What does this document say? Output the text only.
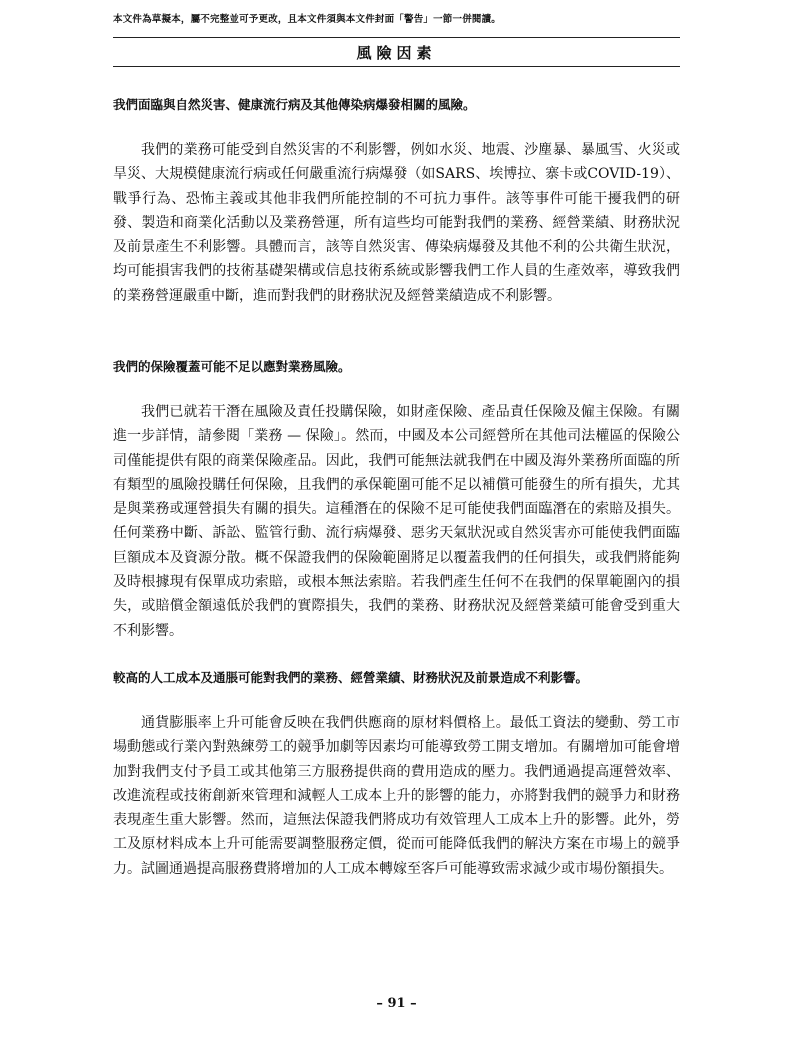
本文件為草擬本，屬不完整並可予更改，且本文件須與本文件封面「警告」一節一併閱讀。
風險因素
我們面臨與自然災害、健康流行病及其他傳染病爆發相關的風險。

我們的業務可能受到自然災害的不利影響，例如水災、地震、沙塵暴、暴風雪、火災或旱災、大規模健康流行病或任何嚴重流行病爆發（如SARS、埃博拉、寨卡或COVID-19）、戰爭行為、恐怖主義或其他非我們所能控制的不可抗力事件。該等事件可能干擾我們的研發、製造和商業化活動以及業務營運，所有這些均可能對我們的業務、經營業績、財務狀況及前景產生不利影響。具體而言，該等自然災害、傳染病爆發及其他不利的公共衛生狀況，均可能損害我們的技術基礎架構或信息技術系統或影響我們工作人員的生產效率，導致我們的業務營運嚴重中斷，進而對我們的財務狀況及經營業績造成不利影響。

我們的保險覆蓋可能不足以應對業務風險。

我們已就若干潛在風險及責任投購保險，如財產保險、產品責任保險及僱主保險。有關進一步詳情，請參閱「業務 — 保險」。然而，中國及本公司經營所在其他司法權區的保險公司僅能提供有限的商業保險產品。因此，我們可能無法就我們在中國及海外業務所面臨的所有類型的風險投購任何保險，且我們的承保範圍可能不足以補償可能發生的所有損失，尤其是與業務或運營損失有關的損失。這種潛在的保險不足可能使我們面臨潛在的索賠及損失。任何業務中斷、訴訟、監管行動、流行病爆發、惡劣天氣狀況或自然災害亦可能使我們面臨巨額成本及資源分散。概不保證我們的保險範圍將足以覆蓋我們的任何損失，或我們將能夠及時根據現有保單成功索賠，或根本無法索賠。若我們產生任何不在我們的保單範圍內的損失，或賠償金額遠低於我們的實際損失，我們的業務、財務狀況及經營業績可能會受到重大不利影響。

較高的人工成本及通脹可能對我們的業務、經營業績、財務狀況及前景造成不利影響。

通貨膨脹率上升可能會反映在我們供應商的原材料價格上。最低工資法的變動、勞工市場動態或行業內對熟練勞工的競爭加劇等因素均可能導致勞工開支增加。有關增加可能會增加對我們支付予員工或其他第三方服務提供商的費用造成的壓力。我們通過提高運營效率、改進流程或技術創新來管理和減輕人工成本上升的影響的能力，亦將對我們的競爭力和財務表現產生重大影響。然而，這無法保證我們將成功有效管理人工成本上升的影響。此外，勞工及原材料成本上升可能需要調整服務定價，從而可能降低我們的解決方案在市場上的競爭力。試圖通過提高服務費將增加的人工成本轉嫁至客戶可能導致需求減少或市場份額損失。

– 91 –
